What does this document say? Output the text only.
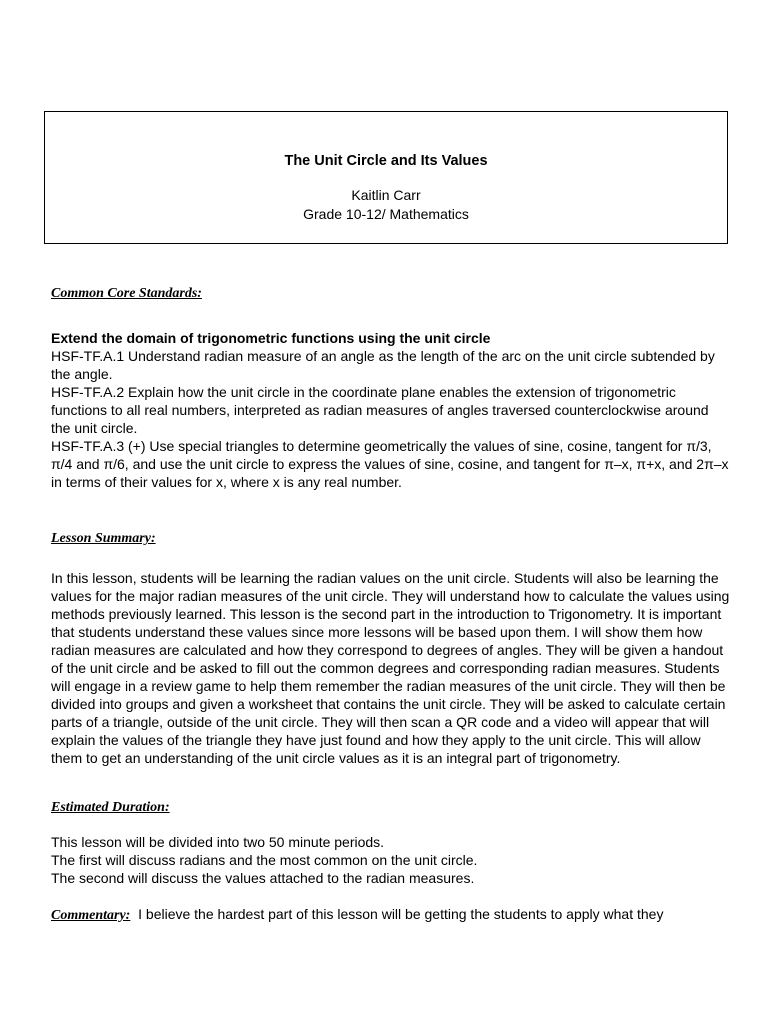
The Unit Circle and Its Values
Kaitlin Carr
Grade 10-12/ Mathematics
Common Core Standards:
Extend the domain of trigonometric functions using the unit circle
HSF-TF.A.1 Understand radian measure of an angle as the length of the arc on the unit circle subtended by the angle.
HSF-TF.A.2 Explain how the unit circle in the coordinate plane enables the extension of trigonometric functions to all real numbers, interpreted as radian measures of angles traversed counterclockwise around the unit circle.
HSF-TF.A.3 (+) Use special triangles to determine geometrically the values of sine, cosine, tangent for π/3, π/4 and π/6, and use the unit circle to express the values of sine, cosine, and tangent for π–x, π+x, and 2π–x in terms of their values for x, where x is any real number.
Lesson Summary:

In this lesson, students will be learning the radian values on the unit circle. Students will also be learning the values for the major radian measures of the unit circle. They will understand how to calculate the values using methods previously learned. This lesson is the second part in the introduction to Trigonometry. It is important that students understand these values since more lessons will be based upon them. I will show them how radian measures are calculated and how they correspond to degrees of angles. They will be given a handout of the unit circle and be asked to fill out the common degrees and corresponding radian measures. Students will engage in a review game to help them remember the radian measures of the unit circle. They will then be divided into groups and given a worksheet that contains the unit circle. They will be asked to calculate certain parts of a triangle, outside of the unit circle. They will then scan a QR code and a video will appear that will explain the values of the triangle they have just found and how they apply to the unit circle. This will allow them to get an understanding of the unit circle values as it is an integral part of trigonometry.

Estimated Duration:
This lesson will be divided into two 50 minute periods.
The first will discuss radians and the most common on the unit circle.
The second will discuss the values attached to the radian measures.

Commentary: I believe the hardest part of this lesson will be getting the students to apply what they
